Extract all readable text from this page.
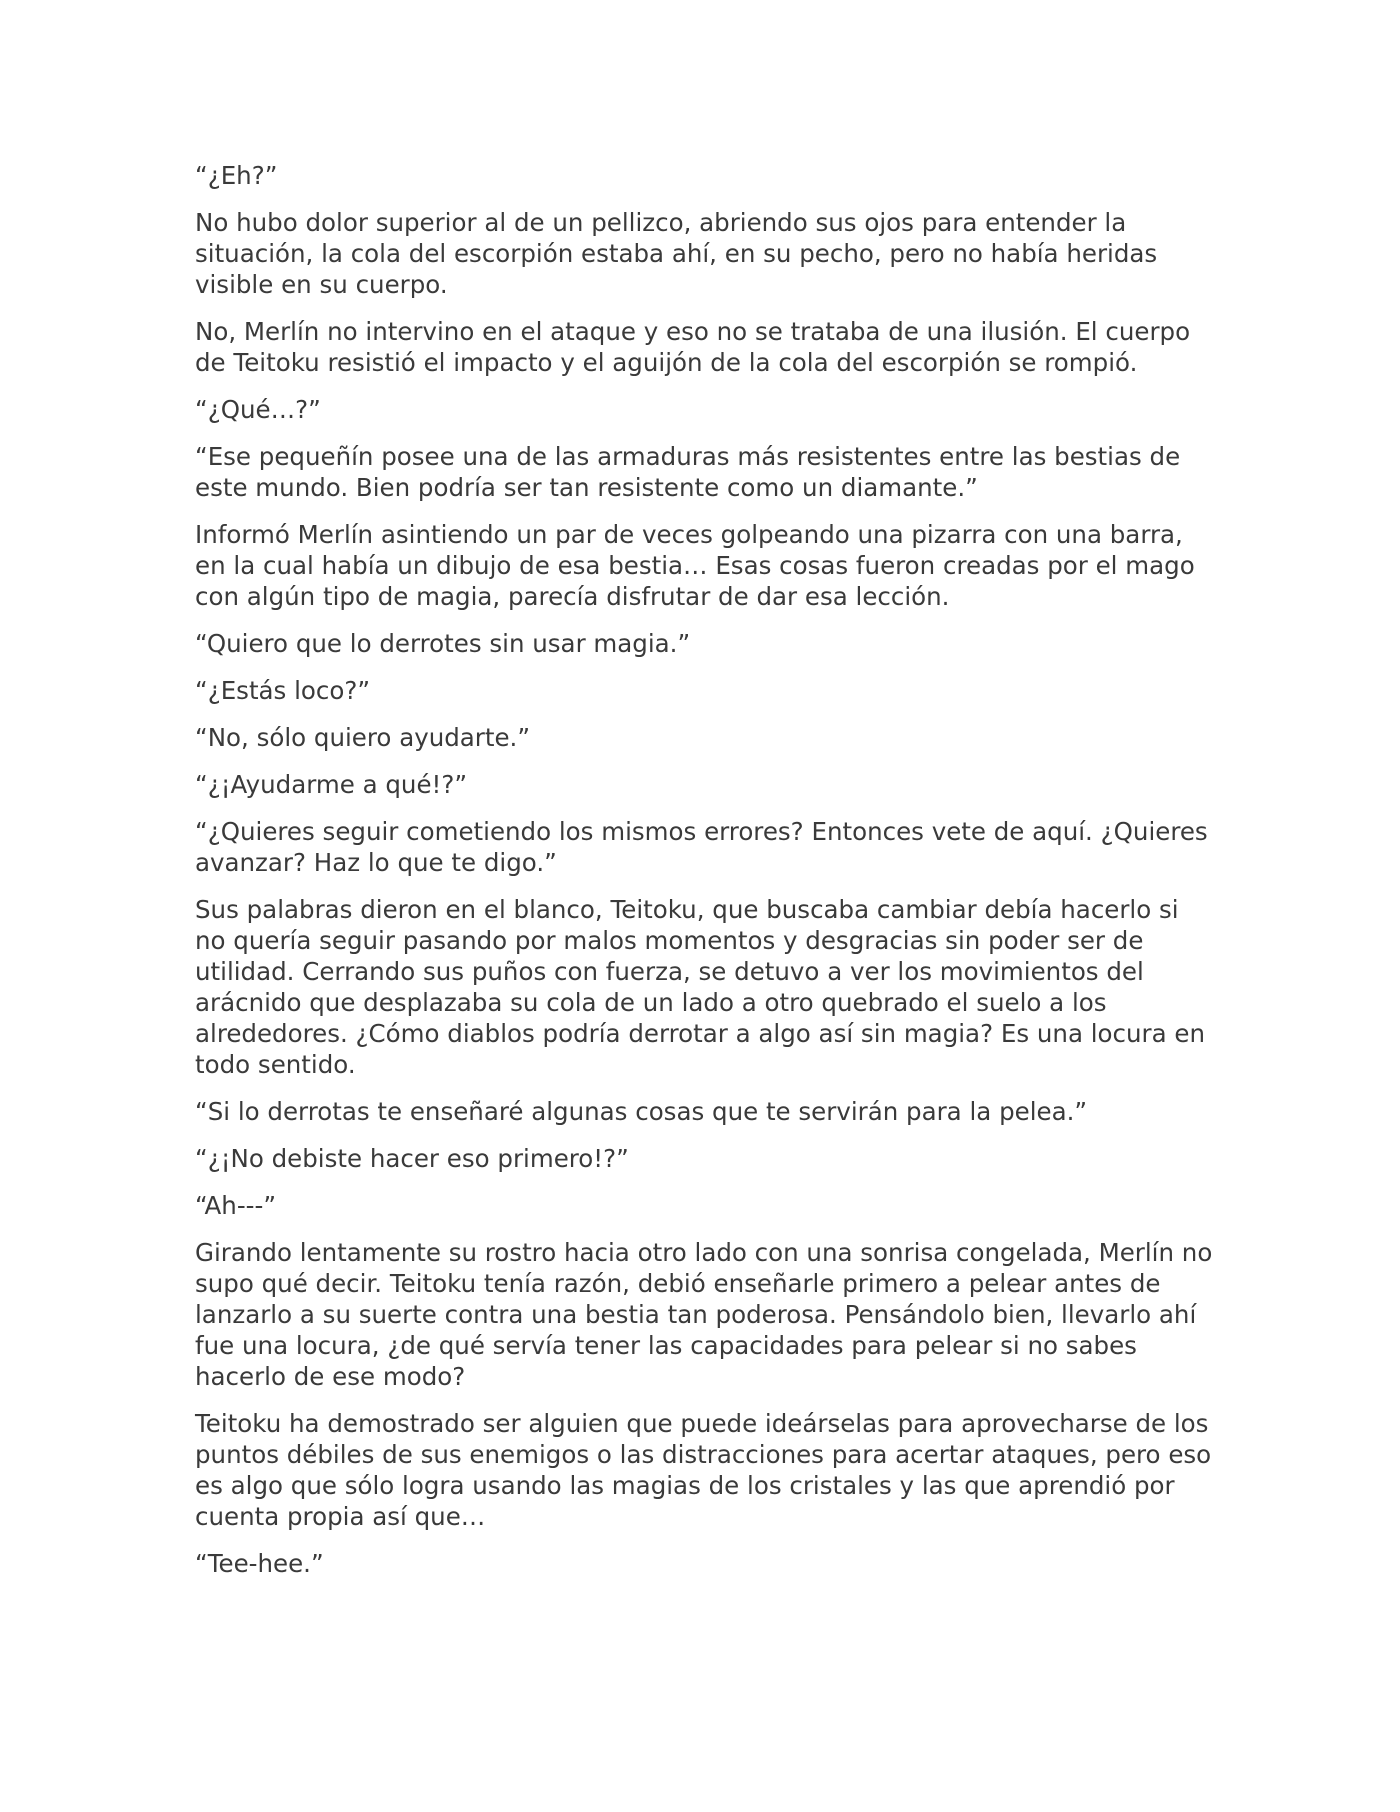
“¿Eh?”

No hubo dolor superior al de un pellizco, abriendo sus ojos para entender la situación, la cola del escorpión estaba ahí, en su pecho, pero no había heridas visible en su cuerpo.

No, Merlín no intervino en el ataque y eso no se trataba de una ilusión. El cuerpo de Teitoku resistió el impacto y el aguijón de la cola del escorpión se rompió.

“¿Qué…?”

“Ese pequeñín posee una de las armaduras más resistentes entre las bestias de este mundo. Bien podría ser tan resistente como un diamante.”

Informó Merlín asintiendo un par de veces golpeando una pizarra con una barra, en la cual había un dibujo de esa bestia… Esas cosas fueron creadas por el mago con algún tipo de magia, parecía disfrutar de dar esa lección.

“Quiero que lo derrotes sin usar magia.”

“¿Estás loco?”

“No, sólo quiero ayudarte.”

“¿¡Ayudarme a qué!?”

“¿Quieres seguir cometiendo los mismos errores? Entonces vete de aquí. ¿Quieres avanzar? Haz lo que te digo.”

Sus palabras dieron en el blanco, Teitoku, que buscaba cambiar debía hacerlo si no quería seguir pasando por malos momentos y desgracias sin poder ser de utilidad. Cerrando sus puños con fuerza, se detuvo a ver los movimientos del arácnido que desplazaba su cola de un lado a otro quebrado el suelo a los alrededores. ¿Cómo diablos podría derrotar a algo así sin magia? Es una locura en todo sentido.

“Si lo derrotas te enseñaré algunas cosas que te servirán para la pelea.”

“¿¡No debiste hacer eso primero!?”

“Ah---”

Girando lentamente su rostro hacia otro lado con una sonrisa congelada, Merlín no supo qué decir. Teitoku tenía razón, debió enseñarle primero a pelear antes de lanzarlo a su suerte contra una bestia tan poderosa. Pensándolo bien, llevarlo ahí fue una locura, ¿de qué servía tener las capacidades para pelear si no sabes hacerlo de ese modo?

Teitoku ha demostrado ser alguien que puede ideárselas para aprovecharse de los puntos débiles de sus enemigos o las distracciones para acertar ataques, pero eso es algo que sólo logra usando las magias de los cristales y las que aprendió por cuenta propia así que…

“Tee-hee.”
